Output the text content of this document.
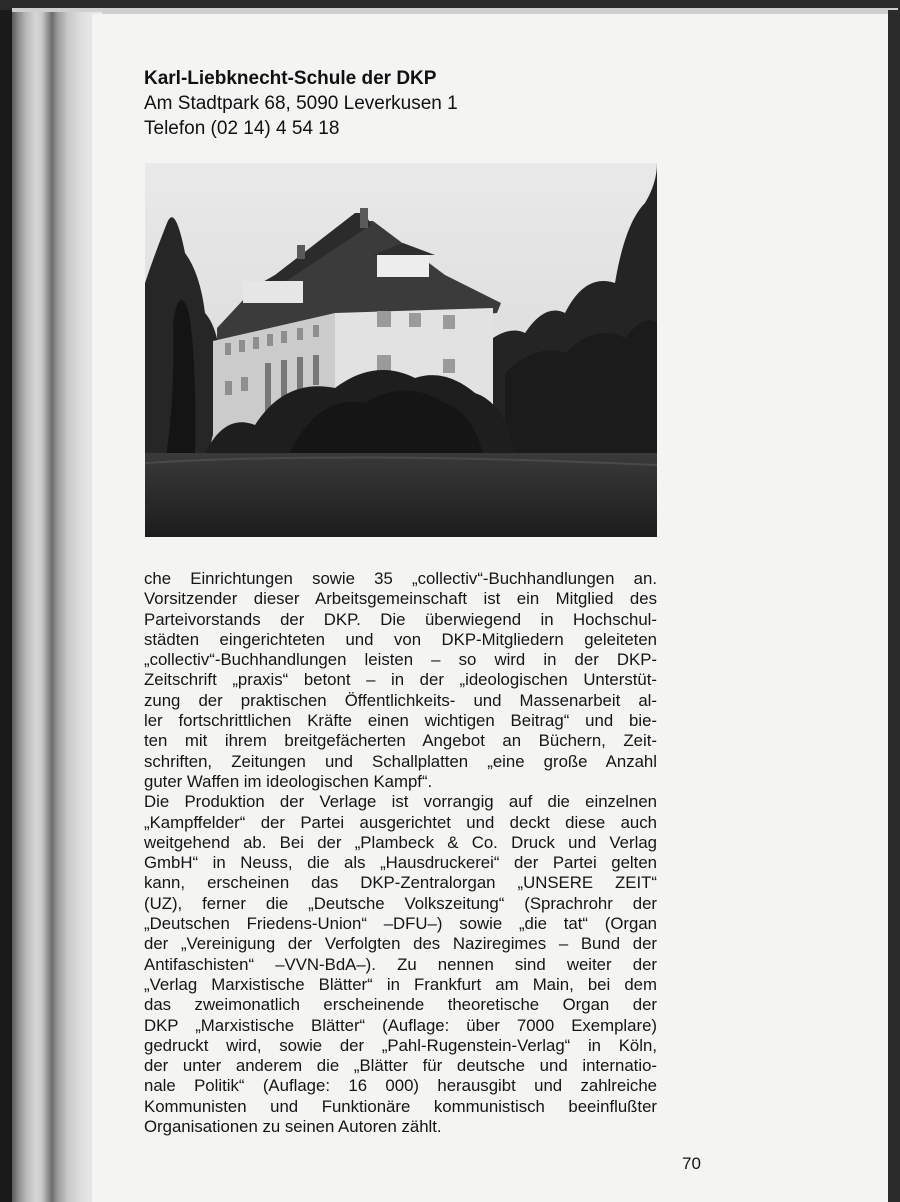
Karl-Liebknecht-Schule der DKP
Am Stadtpark 68, 5090 Leverkusen 1
Telefon (02 14) 4 54 18
che Einrichtungen sowie 35 „collectiv“-Buchhandlungen an.
Vorsitzender dieser Arbeitsgemeinschaft ist ein Mitglied des
Parteivorstands der DKP. Die überwiegend in Hochschul-
städten eingerichteten und von DKP-Mitgliedern geleiteten
„collectiv“-Buchhandlungen leisten – so wird in der DKP-
Zeitschrift „praxis“ betont – in der „ideologischen Unterstüt-
zung der praktischen Öffentlichkeits- und Massenarbeit al-
ler fortschrittlichen Kräfte einen wichtigen Beitrag“ und bie-
ten mit ihrem breitgefächerten Angebot an Büchern, Zeit-
schriften, Zeitungen und Schallplatten „eine große Anzahl
guter Waffen im ideologischen Kampf“.
Die Produktion der Verlage ist vorrangig auf die einzelnen
„Kampffelder“ der Partei ausgerichtet und deckt diese auch
weitgehend ab. Bei der „Plambeck & Co. Druck und Verlag
GmbH“ in Neuss, die als „Hausdruckerei“ der Partei gelten
kann, erscheinen das DKP-Zentralorgan „UNSERE ZEIT“
(UZ), ferner die „Deutsche Volkszeitung“ (Sprachrohr der
„Deutschen Friedens-Union“ –DFU–) sowie „die tat“ (Organ
der „Vereinigung der Verfolgten des Naziregimes – Bund der
Antifaschisten“ –VVN-BdA–). Zu nennen sind weiter der
„Verlag Marxistische Blätter“ in Frankfurt am Main, bei dem
das zweimonatlich erscheinende theoretische Organ der
DKP „Marxistische Blätter“ (Auflage: über 7000 Exemplare)
gedruckt wird, sowie der „Pahl-Rugenstein-Verlag“ in Köln,
der unter anderem die „Blätter für deutsche und internatio-
nale Politik“ (Auflage: 16 000) herausgibt und zahlreiche
Kommunisten und Funktionäre kommunistisch beeinflußter
Organisationen zu seinen Autoren zählt.
70
